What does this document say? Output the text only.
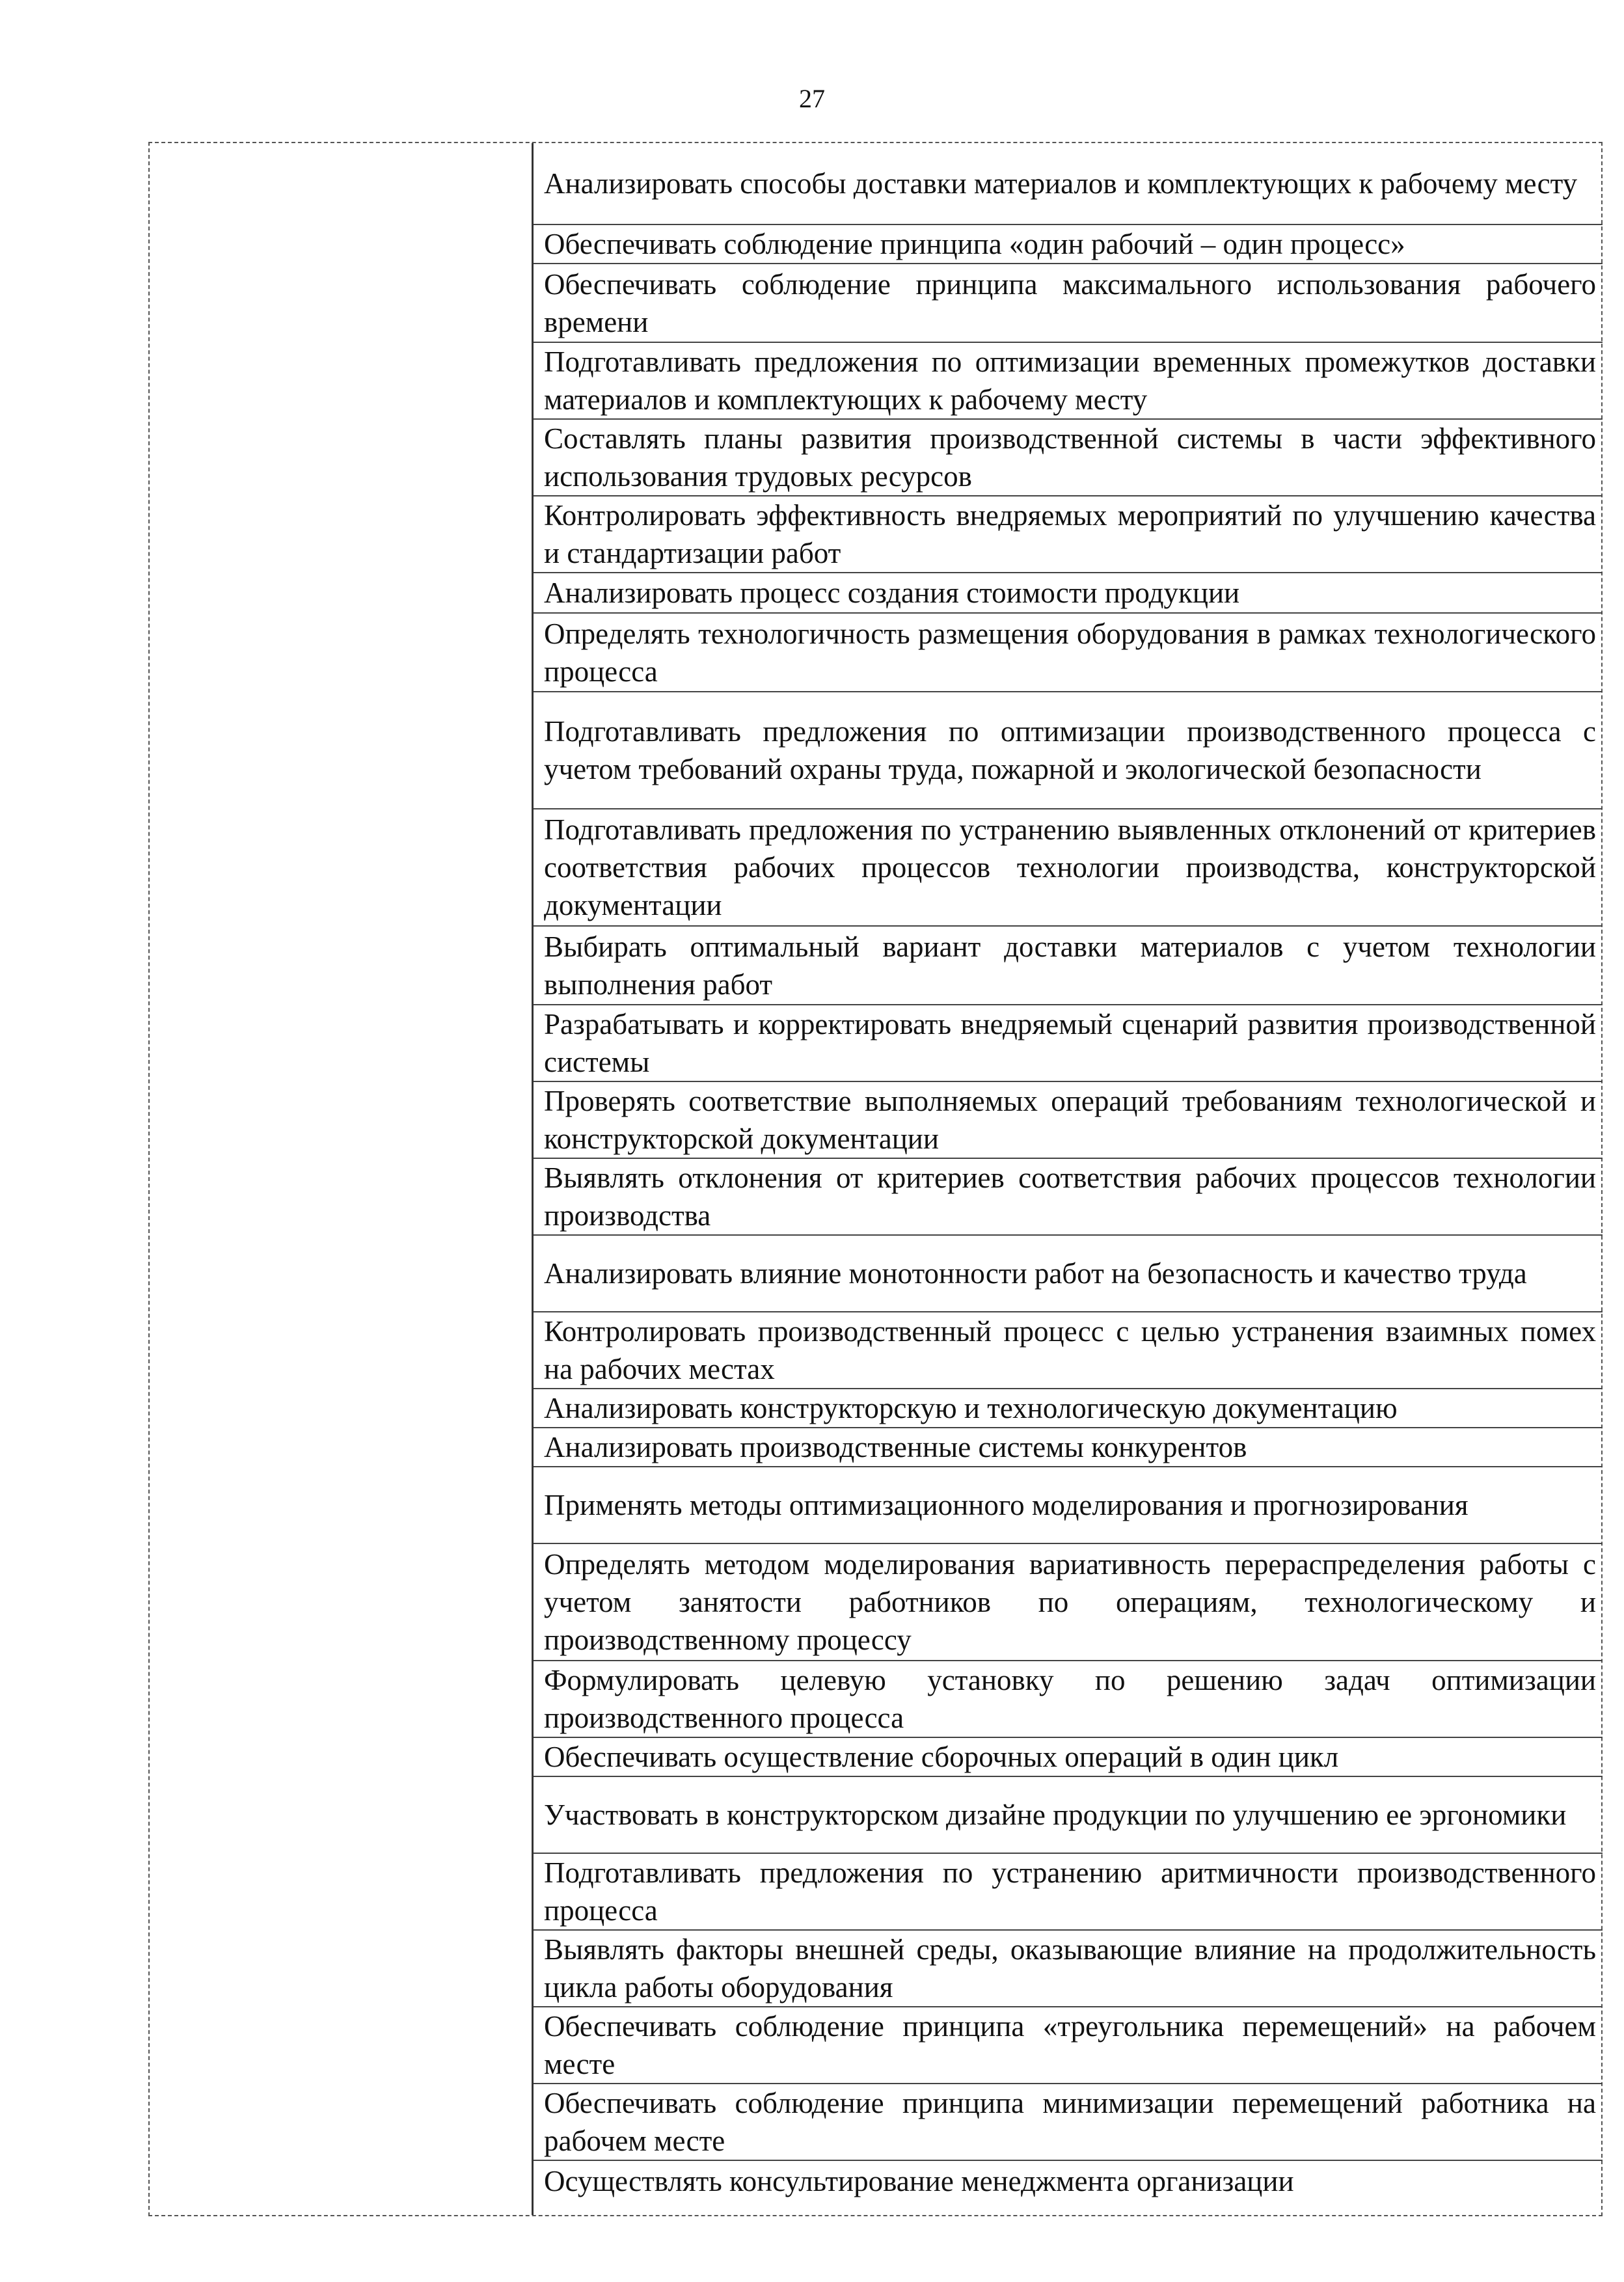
27
Анализировать способы доставки материалов и комплектующих к рабочему месту
Обеспечивать соблюдение принципа «один рабочий – один процесс»
Обеспечивать соблюдение принципа максимального использования рабочего времени
Подготавливать предложения по оптимизации временных промежутков доставки материалов и комплектующих к рабочему месту
Составлять планы развития производственной системы в части эффективного использования трудовых ресурсов
Контролировать эффективность внедряемых мероприятий по улучшению качества и стандартизации работ
Анализировать процесс создания стоимости продукции
Определять технологичность размещения оборудования в рамках технологического процесса
Подготавливать предложения по оптимизации производственного процесса с учетом требований охраны труда, пожарной и экологической безопасности
Подготавливать предложения по устранению выявленных отклонений от критериев соответствия рабочих процессов технологии производства, конструкторской документации
Выбирать оптимальный вариант доставки материалов с учетом технологии выполнения работ
Разрабатывать и корректировать внедряемый сценарий развития производственной системы
Проверять соответствие выполняемых операций требованиям технологической и конструкторской документации
Выявлять отклонения от критериев соответствия рабочих процессов технологии производства
Анализировать влияние монотонности работ на безопасность и качество труда
Контролировать производственный процесс с целью устранения взаимных помех на рабочих местах
Анализировать конструкторскую и технологическую документацию
Анализировать производственные системы конкурентов
Применять методы оптимизационного моделирования и прогнозирования
Определять методом моделирования вариативность перераспределения работы с учетом занятости работников по операциям, технологическому и производственному процессу
Формулировать целевую установку по решению задач оптимизации производственного процесса
Обеспечивать осуществление сборочных операций в один цикл
Участвовать в конструкторском дизайне продукции по улучшению ее эргономики
Подготавливать предложения по устранению аритмичности производственного процесса
Выявлять факторы внешней среды, оказывающие влияние на продолжительность цикла работы оборудования
Обеспечивать соблюдение принципа «треугольника перемещений» на рабочем месте
Обеспечивать соблюдение принципа минимизации перемещений работника на рабочем месте
Осуществлять консультирование менеджмента организации
